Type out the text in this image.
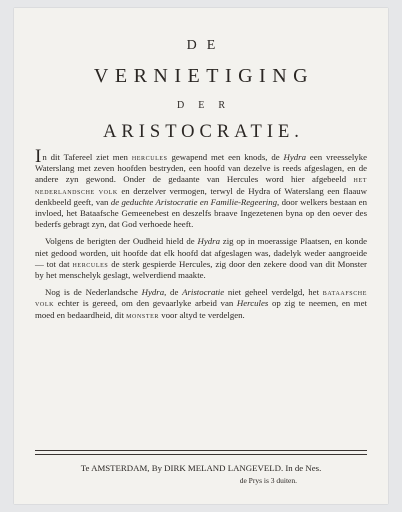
DE
VERNIETIGING
DER
ARISTOCRATIE.

In dit Tafereel ziet men hercules gewapend met een knods, de Hydra een vreesselyke Waterslang met zeven hoofden bestryden, een hoofd van dezelve is reeds afgeslagen, en de andere zyn gewond. Onder de gedaante van Hercules word hier afgebeeld het nederlandsche volk en derzelver vermogen, terwyl de Hydra of Waterslang een flaauw denkbeeld geeft, van de geduchte Aristocratie en Familie-Regeering, door welkers bestaan en invloed, het Bataafsche Gemeenebest en deszelfs braave Ingezetenen byna op den oever des bederfs gebragt zyn, dat God verhoede heeft.

Volgens de berigten der Oudheid hield de Hydra zig op in moerassige Plaatsen, en konde niet gedood worden, uit hoofde dat elk hoofd dat afgeslagen was, dadelyk weder aangroeide — tot dat hercules de sterk gespierde Hercules, zig door den zekere dood van dit Monster by het menschelyk geslagt, welverdiend maakte.

Nog is de Nederlandsche Hydra, de Aristocratie niet geheel verdelgd, het bataafsche volk echter is gereed, om den gevaarlyke arbeid van Hercules op zig te neemen, en met moed en bedaardheid, dit monster voor altyd te verdelgen.

Te AMSTERDAM, By DIRK MELAND LANGEVELD. In de Nes.
de Prys is 3 duiten.
